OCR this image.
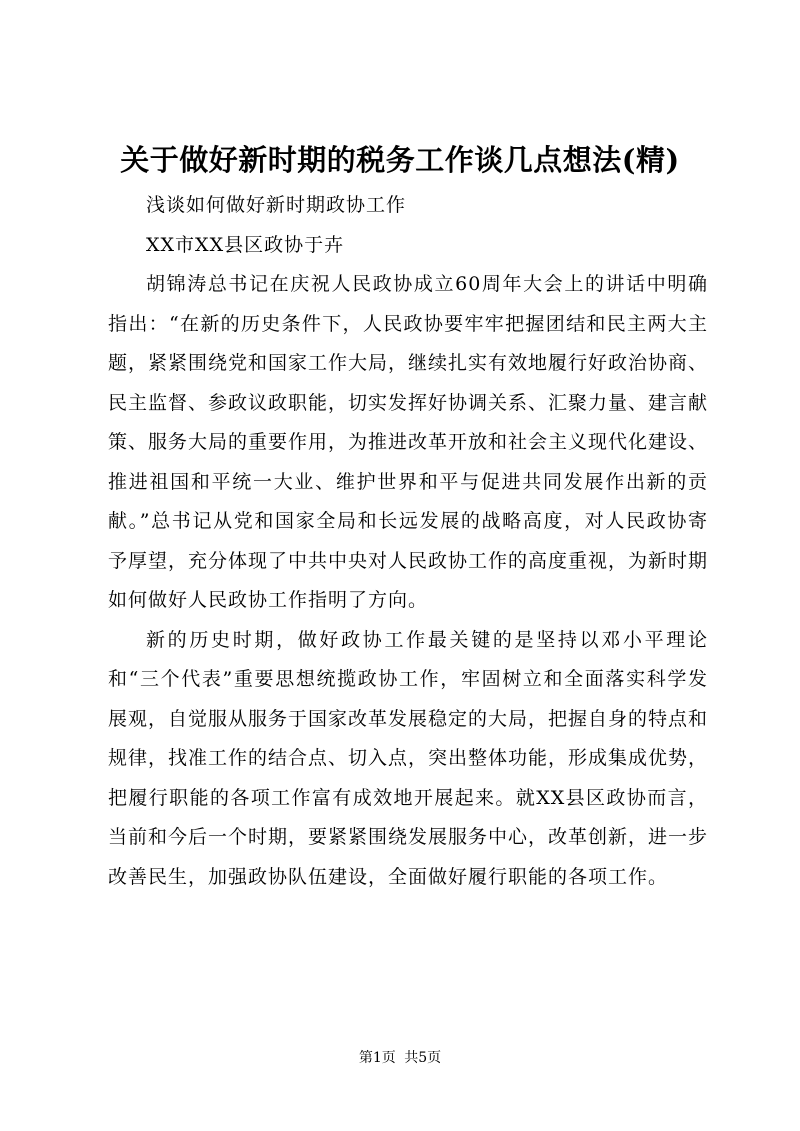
关于做好新时期的税务工作谈几点想法(精)

浅谈如何做好新时期政协工作

XX市XX县区政协于卉

胡锦涛总书记在庆祝人民政协成立60周年大会上的讲话中明确指出：“在新的历史条件下，人民政协要牢牢把握团结和民主两大主题，紧紧围绕党和国家工作大局，继续扎实有效地履行好政治协商、民主监督、参政议政职能，切实发挥好协调关系、汇聚力量、建言献策、服务大局的重要作用，为推进改革开放和社会主义现代化建设、推进祖国和平统一大业、维护世界和平与促进共同发展作出新的贡献。”总书记从党和国家全局和长远发展的战略高度，对人民政协寄予厚望，充分体现了中共中央对人民政协工作的高度重视，为新时期如何做好人民政协工作指明了方向。

新的历史时期，做好政协工作最关键的是坚持以邓小平理论和“三个代表”重要思想统揽政协工作，牢固树立和全面落实科学发展观，自觉服从服务于国家改革发展稳定的大局，把握自身的特点和规律，找准工作的结合点、切入点，突出整体功能，形成集成优势，把履行职能的各项工作富有成效地开展起来。就XX县区政协而言，当前和今后一个时期，要紧紧围绕发展服务中心，改革创新，进一步改善民生，加强政协队伍建设，全面做好履行职能的各项工作。

第1页 共5页
